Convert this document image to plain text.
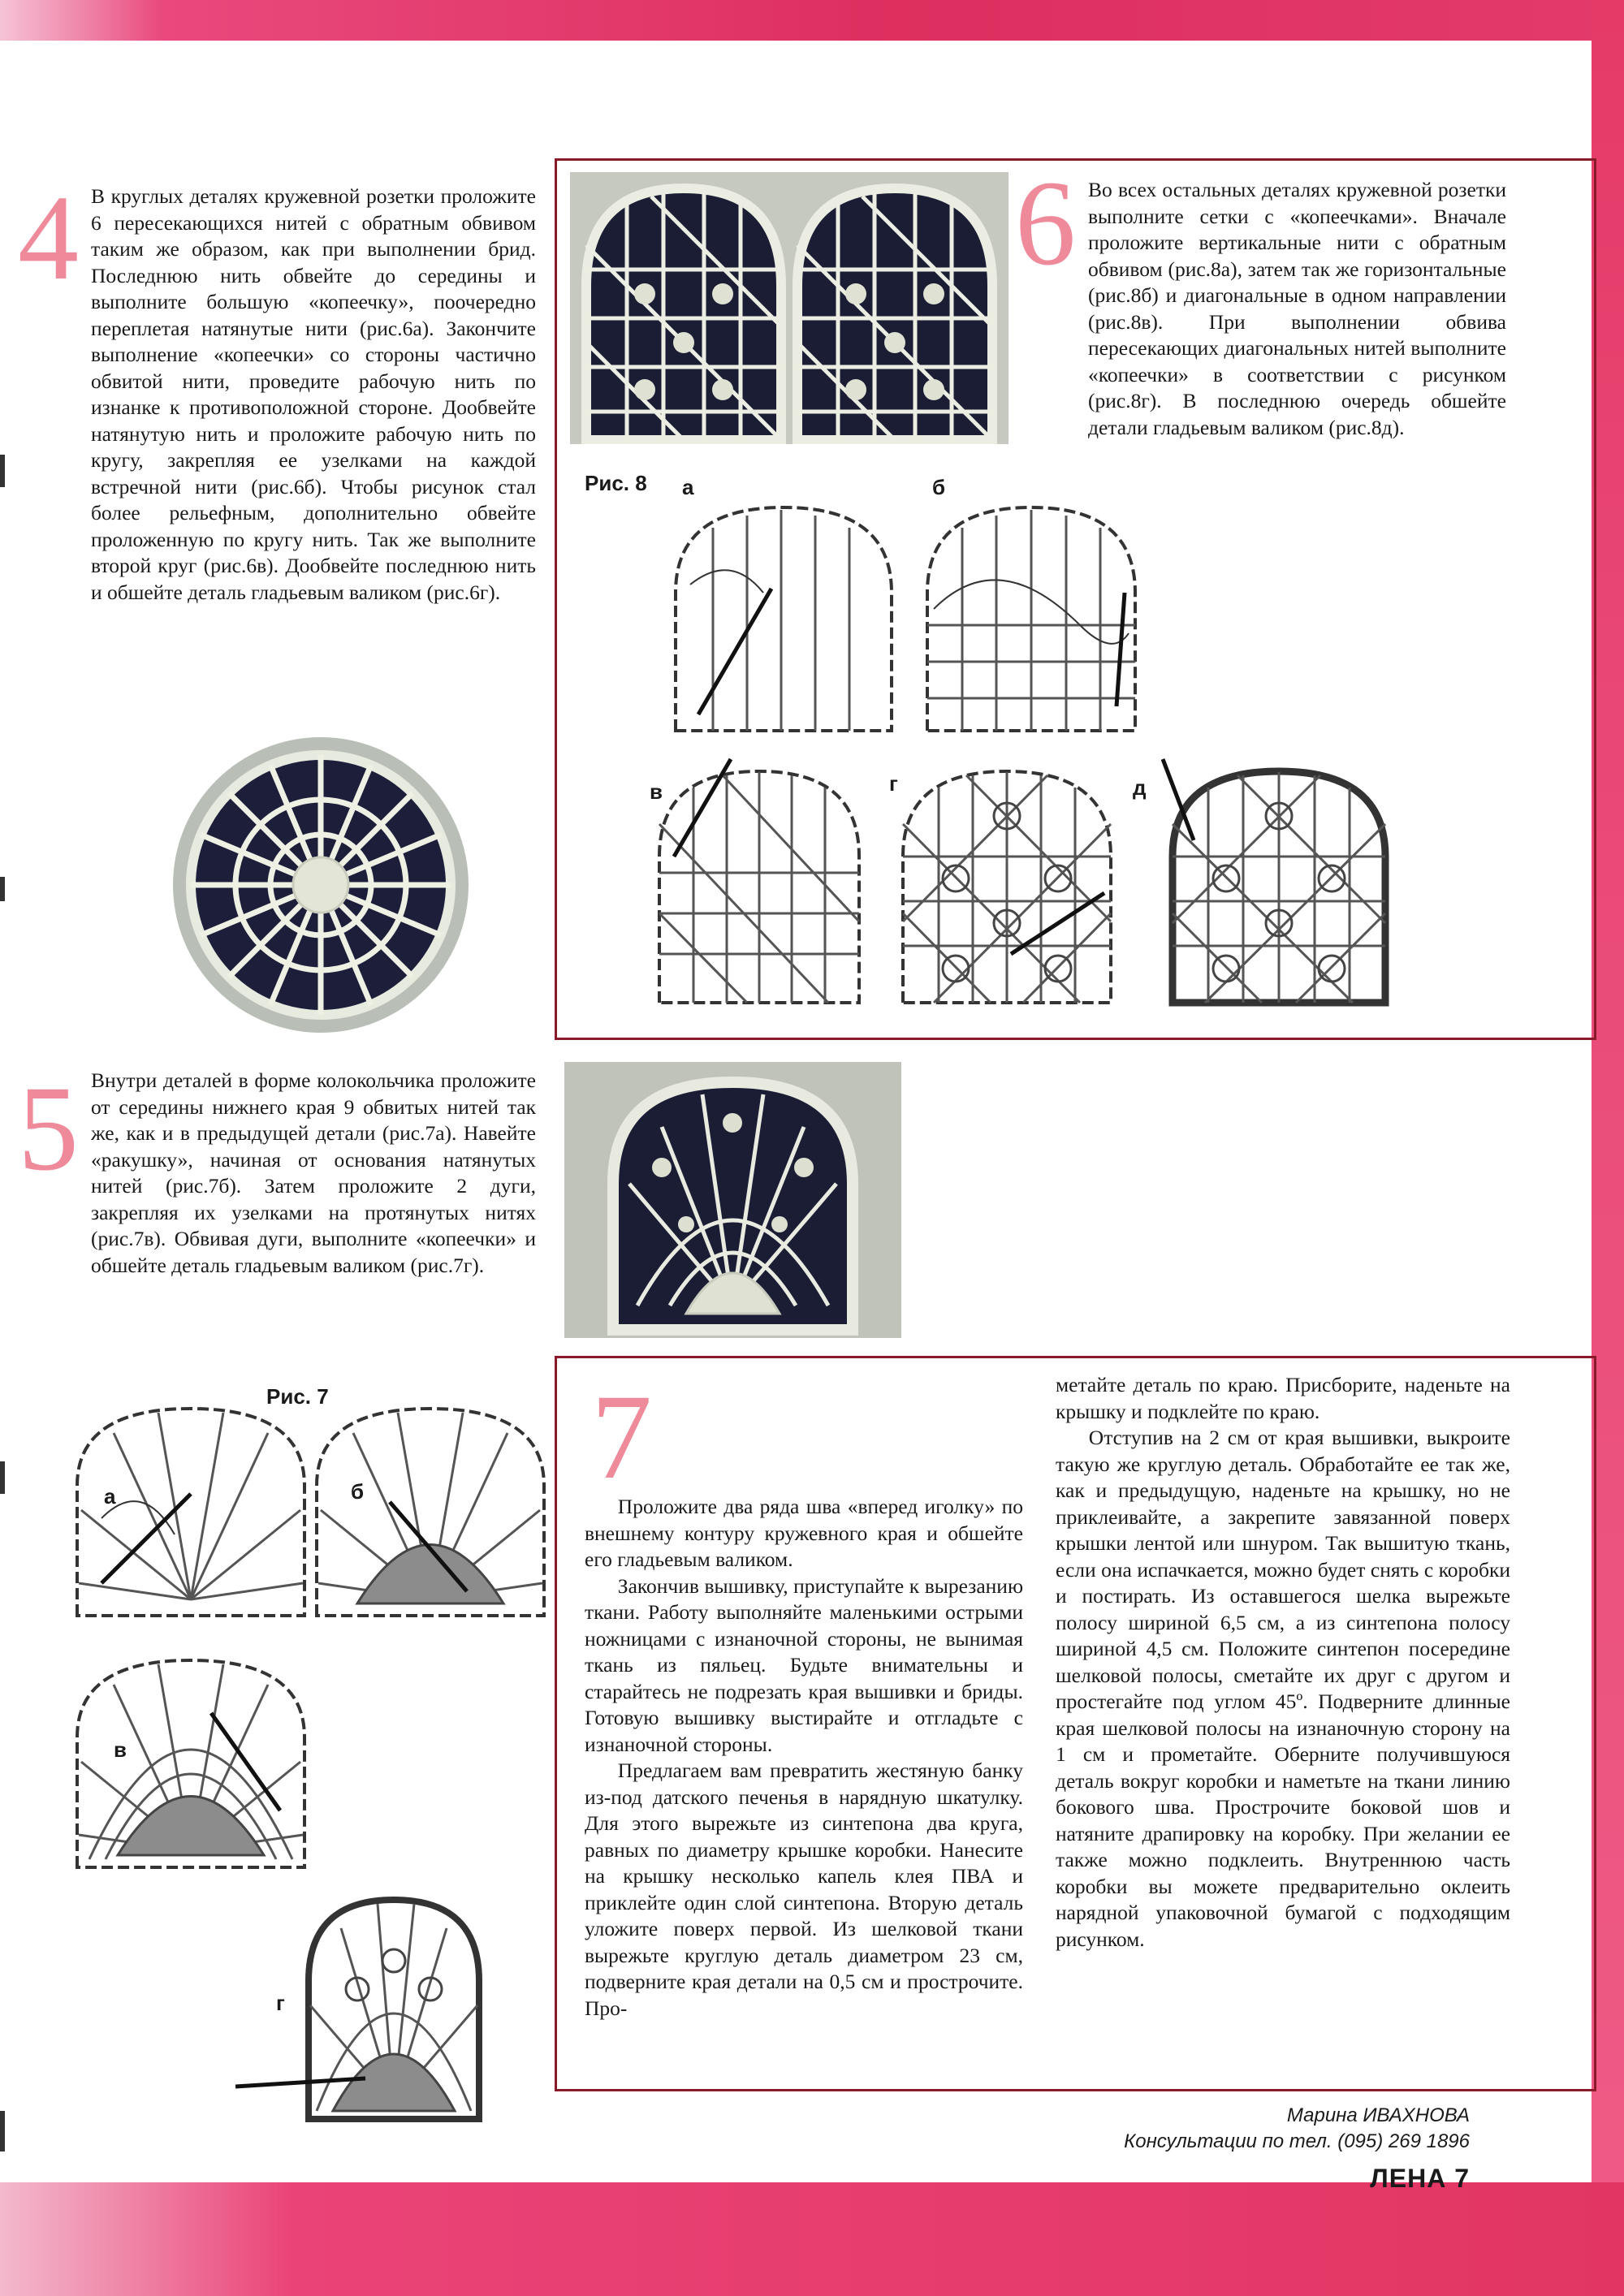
4 В круглых деталях кружевной розетки проложите 6 пересекающихся нитей с обратным обвивом таким же образом, как при выполнении брид. Последнюю нить обвейте до середины и выполните большую «копеечку», поочередно переплетая натянутые нити (рис.6а). Закончите выполнение «копеечки» со стороны частично обвитой нити, проведите рабочую нить по изнанке к противоположной стороне. Дообвейте натянутую нить и проложите рабочую нить по кругу, закрепляя ее узелками на каждой встречной нити (рис.6б). Чтобы рисунок стал более рельефным, дополнительно обвейте проложенную по кругу нить. Так же выполните второй круг (рис.6в). Дообвейте последнюю нить и обшейте деталь гладьевым валиком (рис.6г).

6 Во всех остальных деталях кружевной розетки выполните сетки с «копеечками». Вначале проложите вертикальные нити с обратным обвивом (рис.8а), затем так же горизонтальные (рис.8б) и диагональные в одном направлении (рис.8в). При выполнении обвива пересекающих диагональных нитей выполните «копеечки» в соответствии с рисунком (рис.8г). В последнюю очередь обшейте детали гладьевым валиком (рис.8д).

Рис. 8 а	б
в	г	д
5 Внутри деталей в форме колокольчика проложите от середины нижнего края 9 обвитых нитей так же, как и в предыдущей детали (рис.7а). Навейте «ракушку», начиная от основания натянутых нитей (рис.7б). Затем проложите 2 дуги, закрепляя их узелками на протянутых нитях (рис.7в). Обвивая дуги, выполните «копеечки» и обшейте деталь гладьевым валиком (рис.7г).

Рис. 7
а	б
в
г
7

Проложите два ряда шва «вперед иголку» по внешнему контуру кружевного края и обшейте его гладьевым валиком.

Закончив вышивку, приступайте к вырезанию ткани. Работу выполняйте маленькими острыми ножницами с изнаночной стороны, не вынимая ткань из пяльец. Будьте внимательны и старайтесь не подрезать края вышивки и бриды. Готовую вышивку выстирайте и отгладьте с изнаночной стороны.

Предлагаем вам превратить жестяную банку из-под датского печенья в нарядную шкатулку. Для этого вырежьте из синтепона два круга, равных по диаметру крышке коробки. Нанесите на крышку несколько капель клея ПВА и приклейте один слой синтепона. Вторую деталь уложите поверх первой. Из шелковой ткани вырежьте круглую деталь диаметром 23 см, подверните края детали на 0,5 см и прострочите. Про-

метайте деталь по краю. Присборите, наденьте на крышку и подклейте по краю.

Отступив на 2 см от края вышивки, выкроите такую же круглую деталь. Обработайте ее так же, как и предыдущую, наденьте на крышку, но не приклеивайте, а закрепите завязанной поверх крышки лентой или шнуром. Так вышитую ткань, если она испачкается, можно будет снять с коробки и постирать. Из оставшегося шелка вырежьте полосу шириной 6,5 см, а из синтепона полосу шириной 4,5 см. Положите синтепон посередине шелковой полосы, сметайте их друг с другом и простегайте под углом 45º. Подверните длинные края шелковой полосы на изнаночную сторону на 1 см и прометайте. Оберните получившуюся деталь вокруг коробки и наметьте на ткани линию бокового шва. Прострочите боковой шов и натяните драпировку на коробку. При желании ее также можно подклеить. Внутреннюю часть коробки вы можете предварительно оклеить нарядной упаковочной бумагой с подходящим рисунком.

Марина ИВАХНОВА
Консультации по тел. (095) 269 1896
ЛЕНА 7
